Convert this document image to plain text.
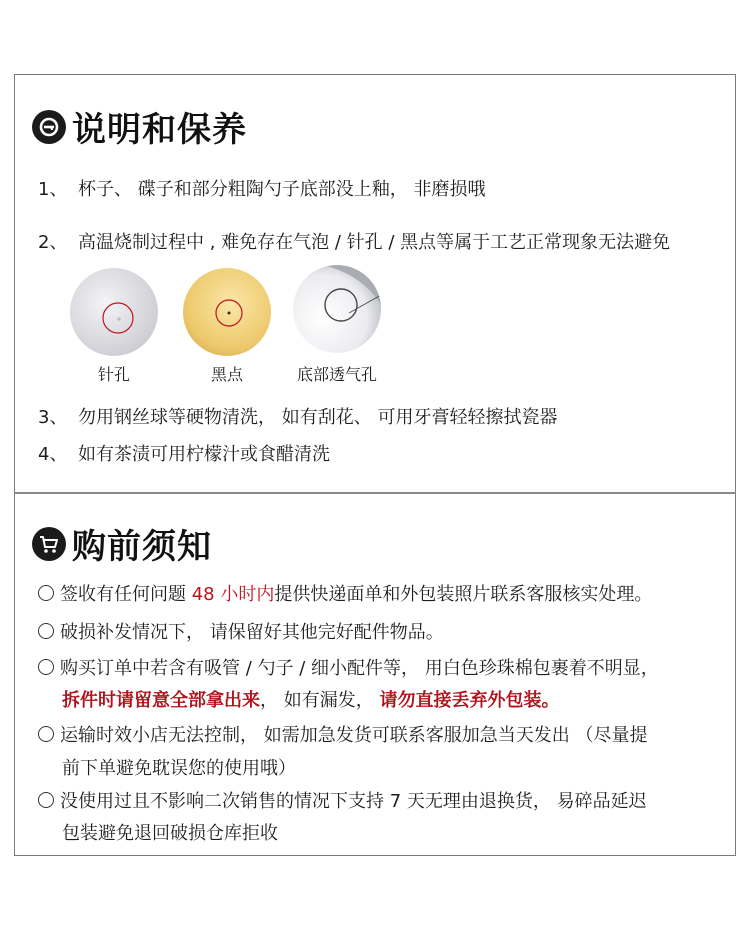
说明和保养
1、 杯子、 碟子和部分粗陶勺子底部没上釉， 非磨损哦
2、 高温烧制过程中 , 难免存在气泡 / 针孔 / 黑点等属于工艺正常现象无法避免
针孔	黑点	底部透气孔
3、 勿用钢丝球等硬物清洗， 如有刮花、 可用牙膏轻轻擦拭瓷器
4、 如有茶渍可用柠檬汁或食醋清洗
购前须知
签收有任何问题 48 小时内提供快递面单和外包装照片联系客服核实处理。
破损补发情况下， 请保留好其他完好配件物品。
购买订单中若含有吸管 / 勺子 / 细小配件等， 用白色珍珠棉包裹着不明显，
拆件时请留意全部拿出来， 如有漏发， 请勿直接丢弃外包装。
运输时效小店无法控制， 如需加急发货可联系客服加急当天发出 （尽量提
前下单避免耽误您的使用哦）
没使用过且不影响二次销售的情况下支持 7 天无理由退换货， 易碎品延迟
包装避免退回破损仓库拒收
